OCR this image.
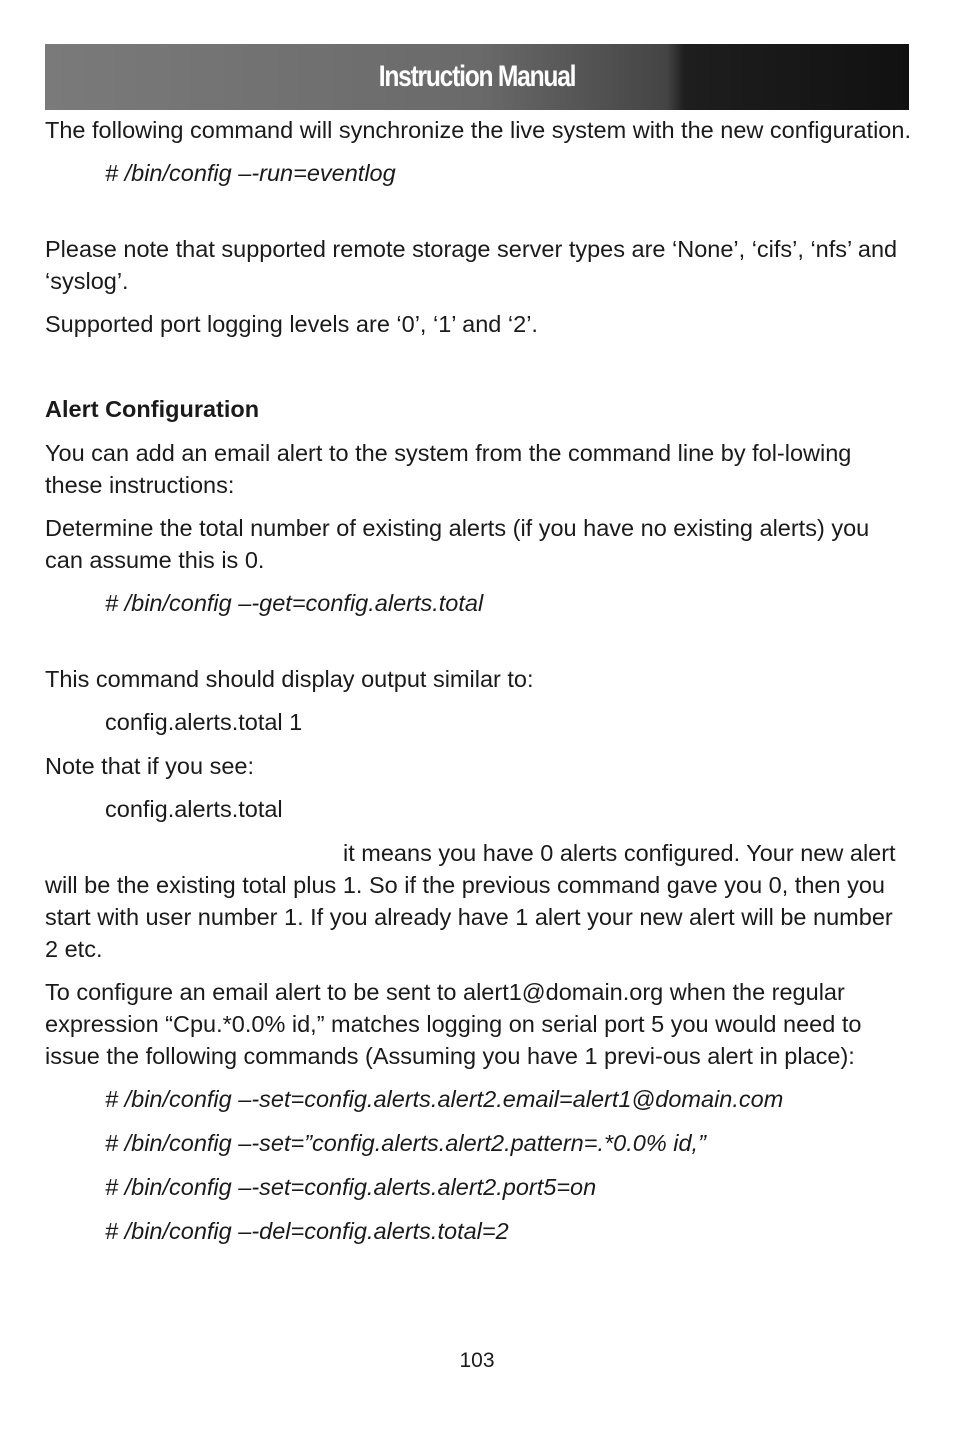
Instruction Manual

The following command will synchronize the live system with the new configuration.

# /bin/config –-run=eventlog

Please note that supported remote storage server types are ‘None’, ‘cifs’, ‘nfs’ and ‘syslog’.

Supported port logging levels are ‘0’, ‘1’ and ‘2’.

Alert Configuration

You can add an email alert to the system from the command line by fol-lowing these instructions:

Determine the total number of existing alerts (if you have no existing alerts) you can assume this is 0.

# /bin/config –-get=config.alerts.total

This command should display output similar to:

config.alerts.total 1

Note that if you see:

config.alerts.total

it means you have 0 alerts configured. Your new alert will be the existing total plus 1. So if the previous command gave you 0, then you start with user number 1. If you already have 1 alert your new alert will be number 2 etc.

To configure an email alert to be sent to alert1@domain.org when the regular expression “Cpu.*0.0% id,” matches logging on serial port 5 you would need to issue the following commands (Assuming you have 1 previ-ous alert in place):

# /bin/config –-set=config.alerts.alert2.email=alert1@domain.com

# /bin/config –-set=”config.alerts.alert2.pattern=.*0.0% id,”

# /bin/config –-set=config.alerts.alert2.port5=on

# /bin/config –-del=config.alerts.total=2

103
